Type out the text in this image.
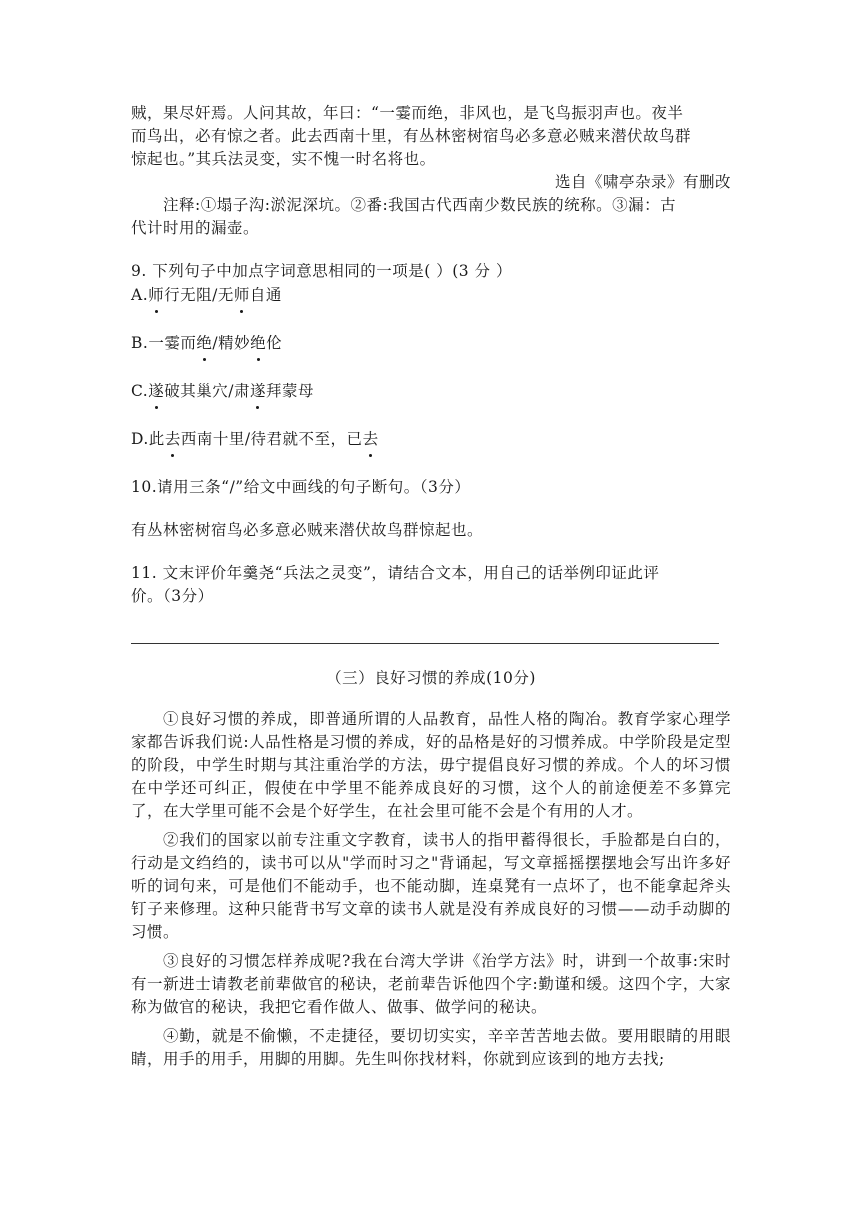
贼，果尽奸焉。人问其故，年曰：“一霎而绝，非风也，是飞鸟振羽声也。夜半

而鸟出，必有惊之者。此去西南十里，有丛林密树宿鸟必多意必贼来潜伏故鸟群

惊起也。”其兵法灵变，实不愧一时名将也。

选自《啸亭杂录》有删改

注释:①塌子沟:淤泥深坑。②番:我国古代西南少数民族的统称。③漏：古

代计时用的漏壶。

9. 下列句子中加点字词意思相同的一项是( ）(3 分 ）

A.师行无阻/无师自通

B.一霎而绝/精妙绝伦

C.遂破其巢穴/肃遂拜蒙母

D.此去西南十里/待君就不至，已去

10.请用三条“/”给文中画线的句子断句。（3分）

有丛林密树宿鸟必多意必贼来潜伏故鸟群惊起也。

11. 文末评价年羹尧“兵法之灵变”，请结合文本，用自己的话举例印证此评

价。（3分）

（三）良好习惯的养成(10分)

①良好习惯的养成，即普通所谓的人品教育，品性人格的陶冶。教育学家心理学家都告诉我们说:人品性格是习惯的养成，好的品格是好的习惯养成。中学阶段是定型的阶段，中学生时期与其注重治学的方法，毋宁提倡良好习惯的养成。个人的坏习惯在中学还可纠正，假使在中学里不能养成良好的习惯，这个人的前途便差不多算完了，在大学里可能不会是个好学生，在社会里可能不会是个有用的人才。

②我们的国家以前专注重文字教育，读书人的指甲蓄得很长，手脸都是白白的，行动是文绉绉的，读书可以从"学而时习之"背诵起，写文章摇摇摆摆地会写出许多好听的词句来，可是他们不能动手，也不能动脚，连桌凳有一点坏了，也不能拿起斧头钉子来修理。这种只能背书写文章的读书人就是没有养成良好的习惯——动手动脚的习惯。

③良好的习惯怎样养成呢?我在台湾大学讲《治学方法》时，讲到一个故事:宋时有一新进士请教老前辈做官的秘诀，老前辈告诉他四个字:勤谨和缓。这四个字，大家称为做官的秘诀，我把它看作做人、做事、做学问的秘诀。

④勤，就是不偷懒，不走捷径，要切切实实，辛辛苦苦地去做。要用眼睛的用眼睛，用手的用手，用脚的用脚。先生叫你找材料，你就到应该到的地方去找;
